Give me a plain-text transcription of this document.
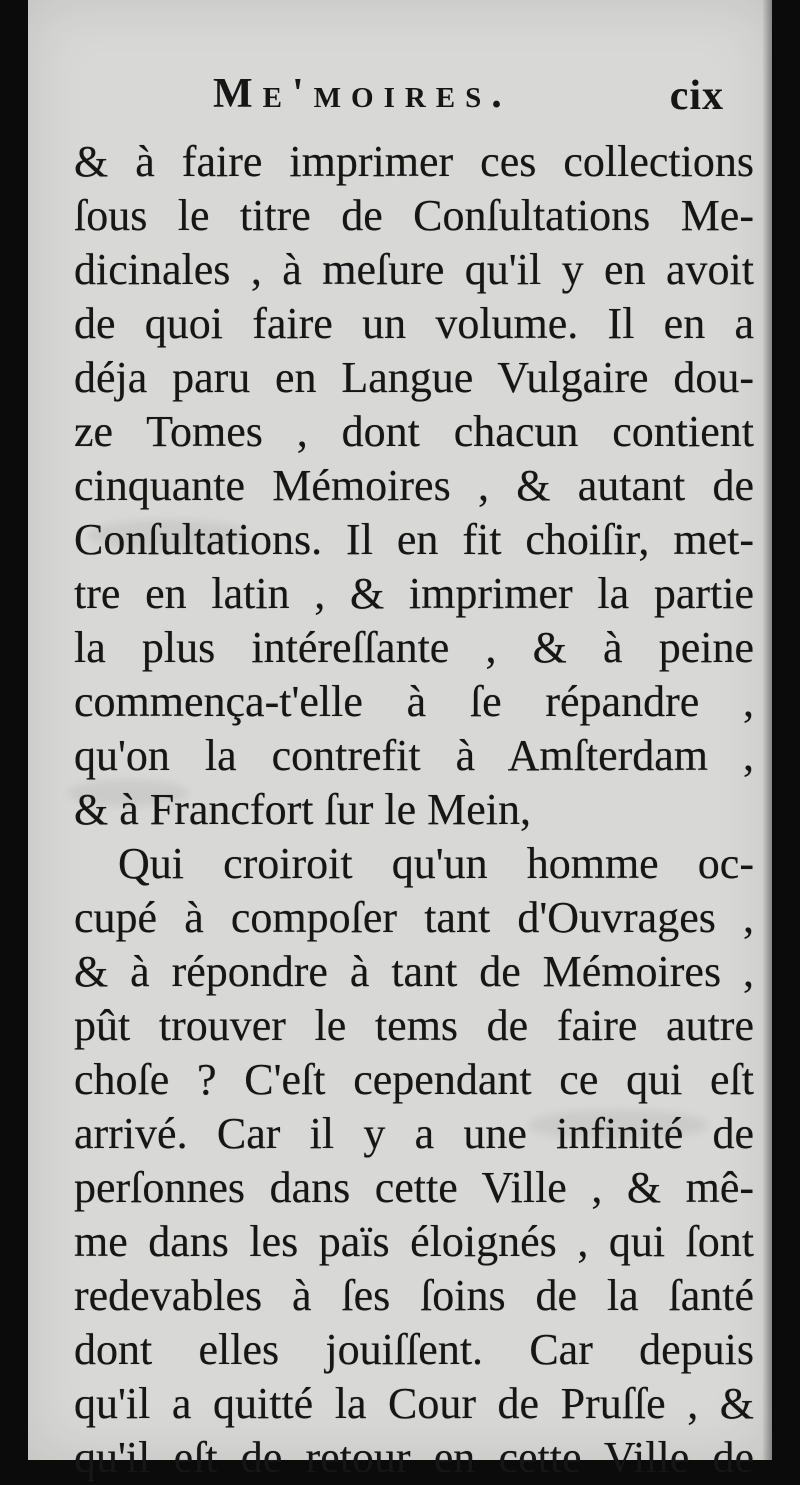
Me'moires.	cix
& à faire imprimer ces collections
ſous le titre de Conſultations Me-
dicinales , à meſure qu'il y en avoit
de quoi faire un volume. Il en a
déja paru en Langue Vulgaire dou-
ze Tomes , dont chacun contient
cinquante Mémoires , & autant de
Conſultations. Il en fit choiſir, met-
tre en latin , & imprimer la partie
la plus intéreſſante , & à peine
commença-t'elle à ſe répandre ,
qu'on la contrefit à Amſterdam ,
& à Francfort ſur le Mein,
Qui croiroit qu'un homme oc-
cupé à compoſer tant d'Ouvrages ,
& à répondre à tant de Mémoires ,
pût trouver le tems de faire autre
choſe ? C'eſt cependant ce qui eſt
arrivé. Car il y a une infinité de
perſonnes dans cette Ville , & mê-
me dans les païs éloignés , qui ſont
redevables à ſes ſoins de la ſanté
dont elles jouiſſent. Car depuis
qu'il a quitté la Cour de Pruſſe , &
qu'il eſt de retour en cette Ville de
